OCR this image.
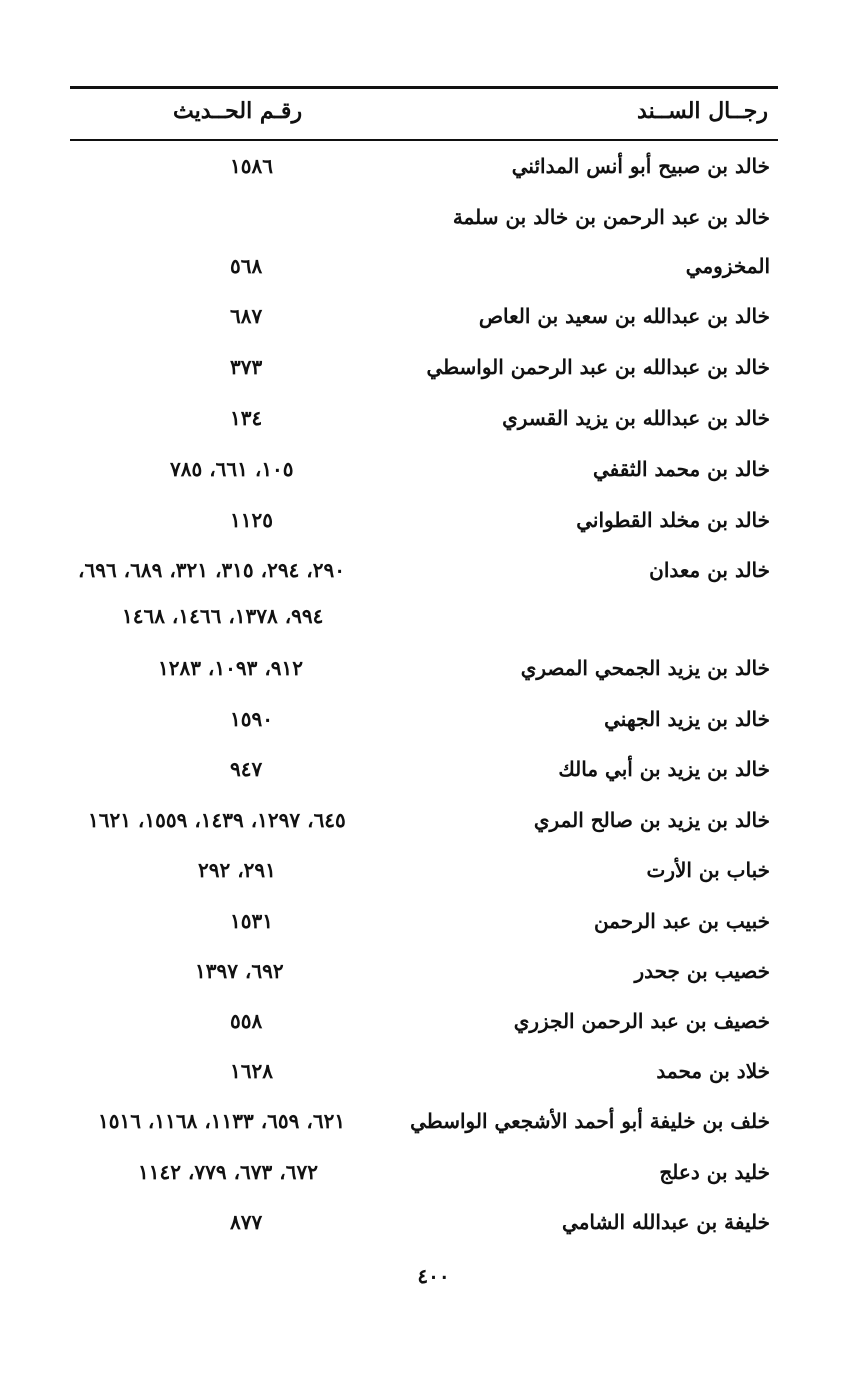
رجــال الســند
رقـم الحــديث
خالد بن صبيح أبو أنس المدائني
١٥٨٦
خالد بن عبد الرحمن بن خالد بن سلمة
المخزومي
٥٦٨
خالد بن عبدالله بن سعيد بن العاص
٦٨٧
خالد بن عبدالله بن عبد الرحمن الواسطي
٣٧٣
خالد بن عبدالله بن يزيد القسري
١٣٤
خالد بن محمد الثقفي
١٠٥، ٦٦١، ٧٨٥
خالد بن مخلد القطواني
١١٢٥
خالد بن معدان
٢٩٠، ٢٩٤، ٣١٥، ٣٢١، ٦٨٩، ٦٩٦،
٩٩٤، ١٣٧٨، ١٤٦٦، ١٤٦٨
خالد بن يزيد الجمحي المصري
٩١٢، ١٠٩٣، ١٢٨٣
خالد بن يزيد الجهني
١٥٩٠
خالد بن يزيد بن أبي مالك
٩٤٧
خالد بن يزيد بن صالح المري
٦٤٥، ١٢٩٧، ١٤٣٩، ١٥٥٩، ١٦٢١
خباب بن الأرت
٢٩١، ٢٩٢
خبيب بن عبد الرحمن
١٥٣١
خصيب بن جحدر
٦٩٢، ١٣٩٧
خصيف بن عبد الرحمن الجزري
٥٥٨
خلاد بن محمد
١٦٢٨
خلف بن خليفة أبو أحمد الأشجعي الواسطي
٦٢١، ٦٥٩، ١١٣٣، ١١٦٨، ١٥١٦
خليد بن دعلج
٦٧٢، ٦٧٣، ٧٧٩، ١١٤٢
خليفة بن عبدالله الشامي
٨٧٧
٤٠٠
